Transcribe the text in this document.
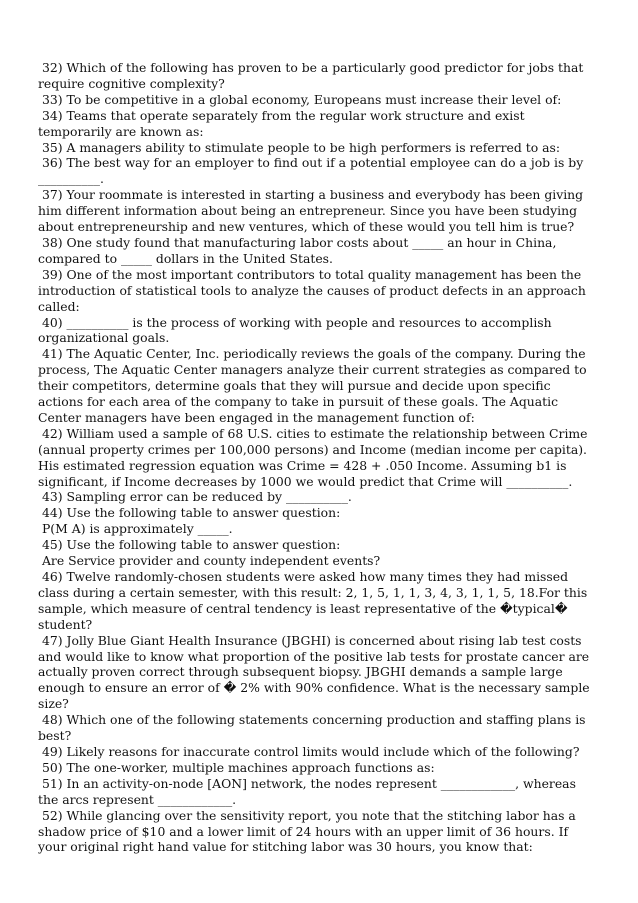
32) Which of the following has proven to be a particularly good predictor for jobs that require cognitive complexity?

33) To be competitive in a global economy, Europeans must increase their level of:

34) Teams that operate separately from the regular work structure and exist temporarily are known as:

35) A managers ability to stimulate people to be high performers is referred to as:

36) The best way for an employer to find out if a potential employee can do a job is by __________.

37) Your roommate is interested in starting a business and everybody has been giving him different information about being an entrepreneur. Since you have been studying about entrepreneurship and new ventures, which of these would you tell him is true?

38) One study found that manufacturing labor costs about _____ an hour in China, compared to _____ dollars in the United States.

39) One of the most important contributors to total quality management has been the introduction of statistical tools to analyze the causes of product defects in an approach called:

40) __________ is the process of working with people and resources to accomplish organizational goals.

41) The Aquatic Center, Inc. periodically reviews the goals of the company. During the process, The Aquatic Center managers analyze their current strategies as compared to their competitors, determine goals that they will pursue and decide upon specific actions for each area of the company to take in pursuit of these goals. The Aquatic Center managers have been engaged in the management function of:

42) William used a sample of 68 U.S. cities to estimate the relationship between Crime (annual property crimes per 100,000 persons) and Income (median income per capita). His estimated regression equation was Crime = 428 + .050 Income. Assuming b1 is significant, if Income decreases by 1000 we would predict that Crime will __________.

43) Sampling error can be reduced by __________.

44) Use the following table to answer question:

P(M A) is approximately _____.

45) Use the following table to answer question:

Are Service provider and county independent events?

46) Twelve randomly-chosen students were asked how many times they had missed class during a certain semester, with this result: 2, 1, 5, 1, 1, 3, 4, 3, 1, 1, 5, 18.For this sample, which measure of central tendency is least representative of the �typical� student?

47) Jolly Blue Giant Health Insurance (JBGHI) is concerned about rising lab test costs and would like to know what proportion of the positive lab tests for prostate cancer are actually proven correct through subsequent biopsy. JBGHI demands a sample large enough to ensure an error of � 2% with 90% confidence. What is the necessary sample size?

48) Which one of the following statements concerning production and staffing plans is best?

49) Likely reasons for inaccurate control limits would include which of the following?

50) The one-worker, multiple machines approach functions as:

51) In an activity-on-node [AON] network, the nodes represent ____________, whereas the arcs represent ____________.

52) While glancing over the sensitivity report, you note that the stitching labor has a shadow price of $10 and a lower limit of 24 hours with an upper limit of 36 hours. If your original right hand value for stitching labor was 30 hours, you know that:
